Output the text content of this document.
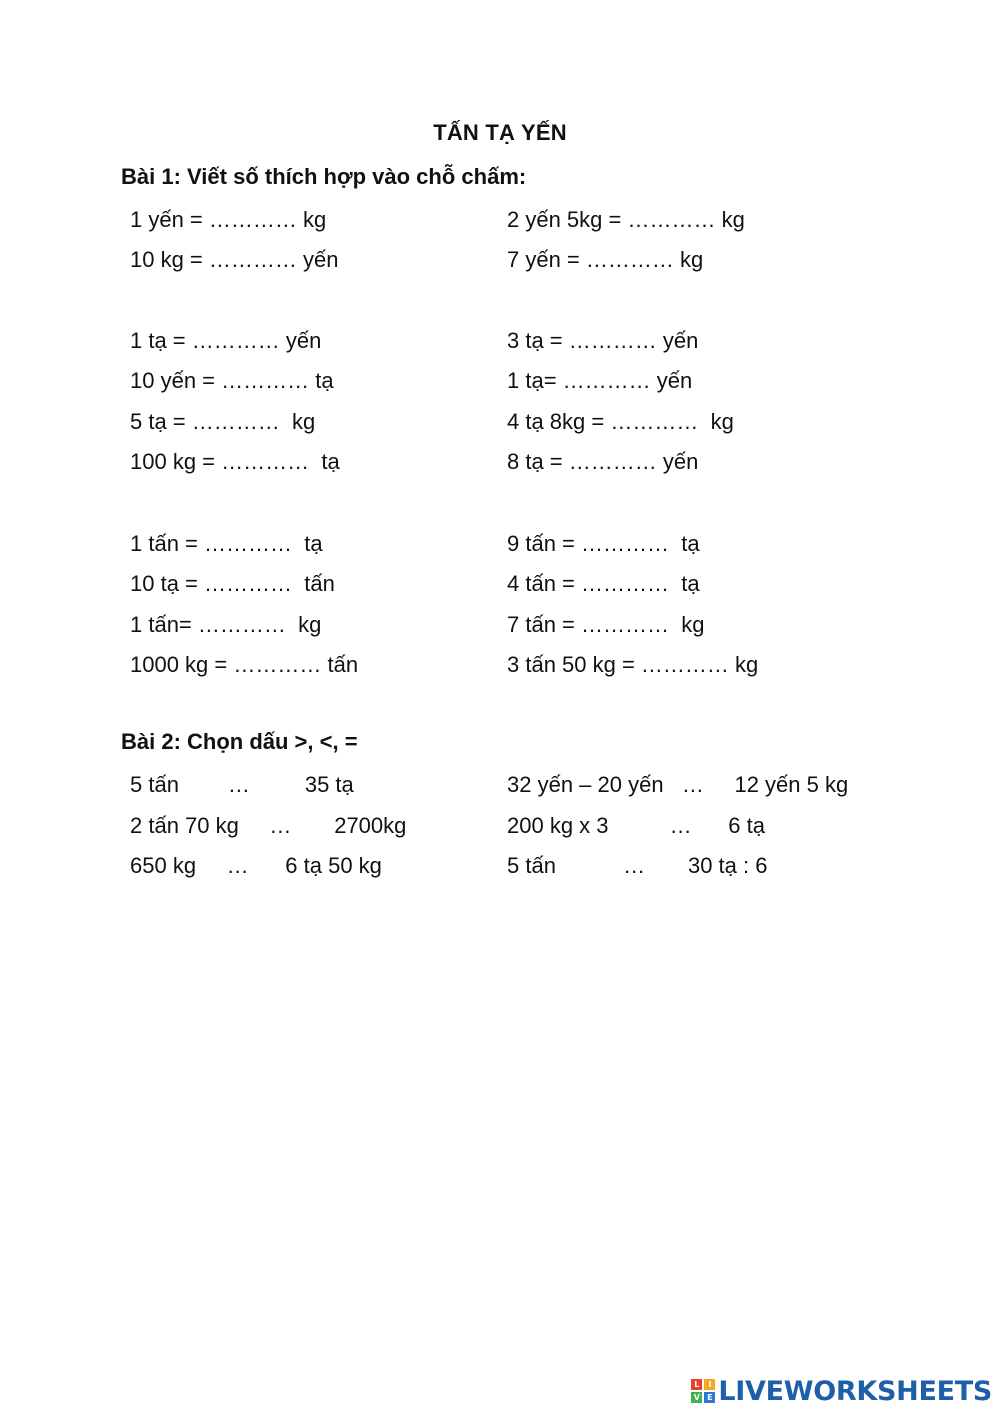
TẤN TẠ YẾN
Bài 1: Viết số thích hợp vào chỗ chấm:
1 yến = ………… kg
10 kg = ………… yến
2 yến 5kg = ………… kg
7 yến = ………… kg
1 tạ = ………… yến
10 yến = ………… tạ
5 tạ = …………  kg
100 kg = …………  tạ
3 tạ = ………… yến
1 tạ= ………… yến
4 tạ 8kg = …………  kg
8 tạ = ………… yến
1 tấn = …………  tạ
10 tạ = …………  tấn
1 tấn= …………  kg
1000 kg = ………… tấn
9 tấn = …………  tạ
4 tấn = …………  tạ
7 tấn = …………  kg
3 tấn 50 kg = ………… kg
Bài 2: Chọn dấu >, <, =
5 tấn        …         35 tạ
2 tấn 70 kg     …       2700kg
650 kg     …      6 tạ 50 kg
32 yến – 20 yến   …     12 yến 5 kg
200 kg x 3          …      6 tạ
5 tấn           …       30 tạ : 6
L	I
V E LIVEWORKSHEETS
